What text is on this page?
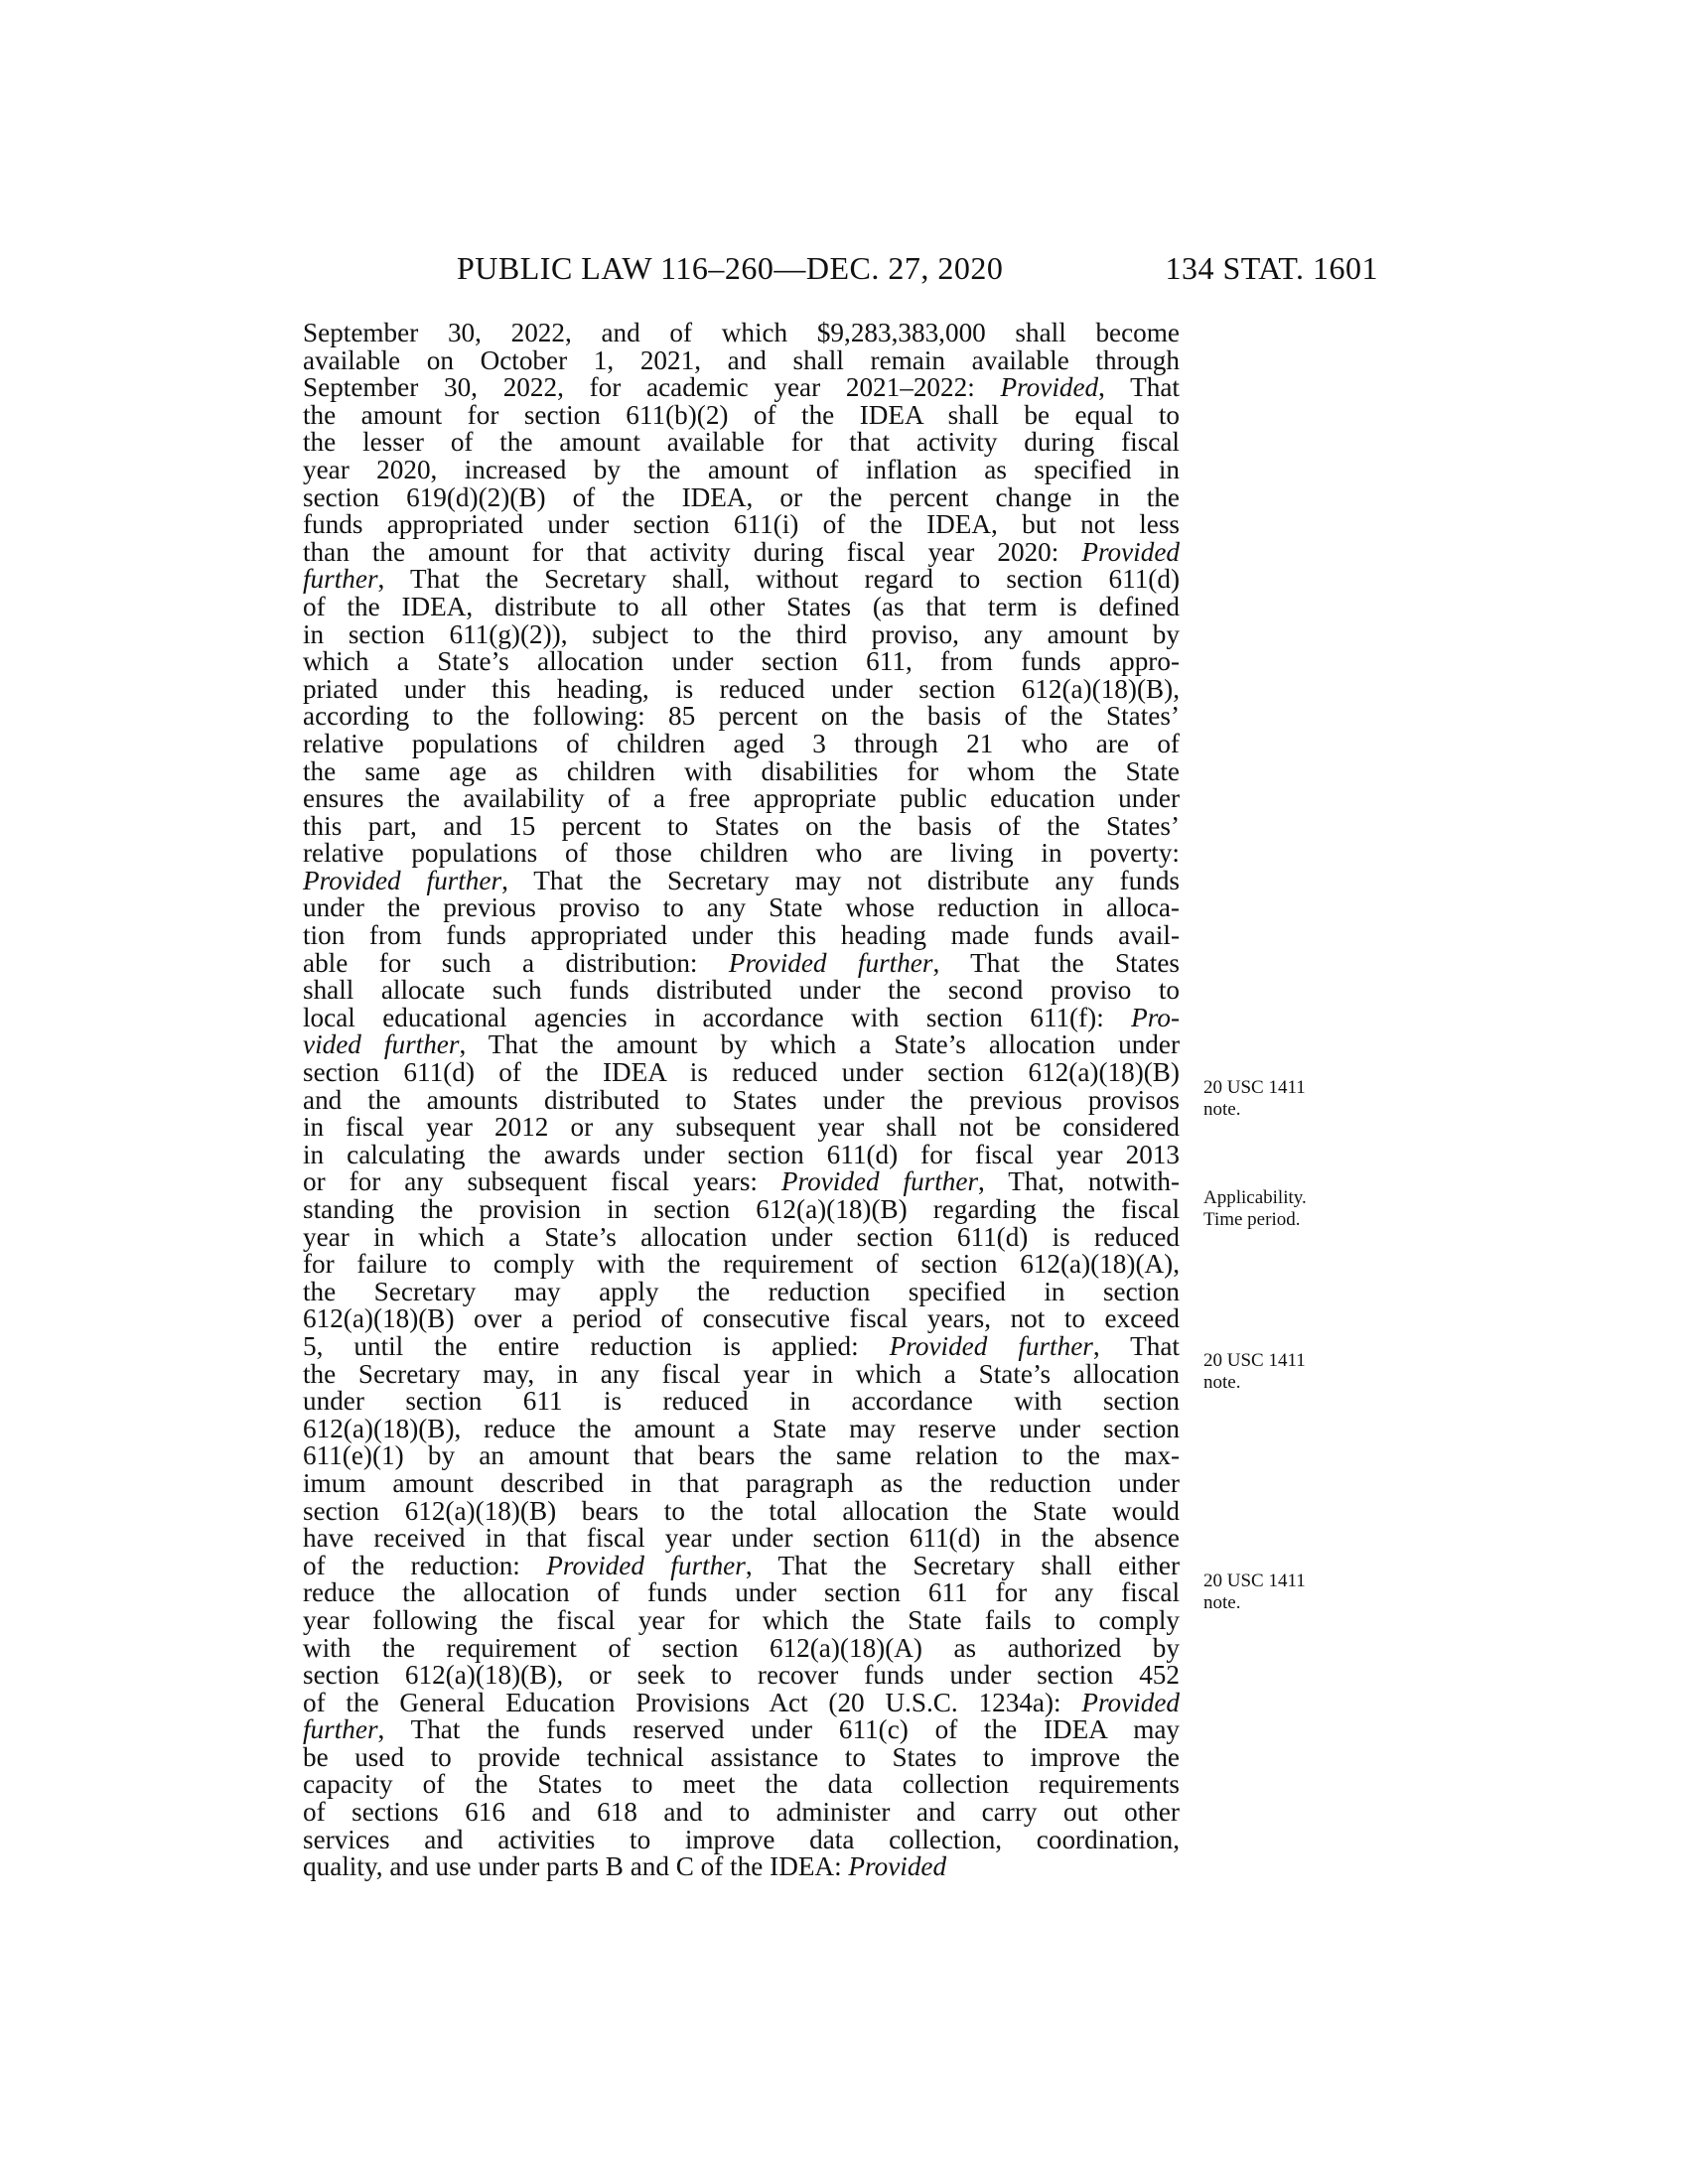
PUBLIC LAW 116–260—DEC. 27, 2020	134 STAT. 1601
September 30, 2022, and of which $9,283,383,000 shall become
available on October 1, 2021, and shall remain available through
September 30, 2022, for academic year 2021–2022: Provided, That
the amount for section 611(b)(2) of the IDEA shall be equal to
the lesser of the amount available for that activity during fiscal
year 2020, increased by the amount of inflation as specified in
section 619(d)(2)(B) of the IDEA, or the percent change in the
funds appropriated under section 611(i) of the IDEA, but not less
than the amount for that activity during fiscal year 2020: Provided
further, That the Secretary shall, without regard to section 611(d)
of the IDEA, distribute to all other States (as that term is defined
in section 611(g)(2)), subject to the third proviso, any amount by
which a State’s allocation under section 611, from funds appro-
priated under this heading, is reduced under section 612(a)(18)(B),
according to the following: 85 percent on the basis of the States’
relative populations of children aged 3 through 21 who are of
the same age as children with disabilities for whom the State
ensures the availability of a free appropriate public education under
this part, and 15 percent to States on the basis of the States’
relative populations of those children who are living in poverty:
Provided further, That the Secretary may not distribute any funds
under the previous proviso to any State whose reduction in alloca-
tion from funds appropriated under this heading made funds avail-
able for such a distribution: Provided further, That the States
shall allocate such funds distributed under the second proviso to
local educational agencies in accordance with section 611(f): Pro-
vided further, That the amount by which a State’s allocation under
section 611(d) of the IDEA is reduced under section 612(a)(18)(B)
and the amounts distributed to States under the previous provisos
in fiscal year 2012 or any subsequent year shall not be considered
in calculating the awards under section 611(d) for fiscal year 2013
or for any subsequent fiscal years: Provided further, That, notwith-
standing the provision in section 612(a)(18)(B) regarding the fiscal
year in which a State’s allocation under section 611(d) is reduced
for failure to comply with the requirement of section 612(a)(18)(A),
the Secretary may apply the reduction specified in section
612(a)(18)(B) over a period of consecutive fiscal years, not to exceed
5, until the entire reduction is applied: Provided further, That
the Secretary may, in any fiscal year in which a State’s allocation
under section 611 is reduced in accordance with section
612(a)(18)(B), reduce the amount a State may reserve under section
611(e)(1) by an amount that bears the same relation to the max-
imum amount described in that paragraph as the reduction under
section 612(a)(18)(B) bears to the total allocation the State would
have received in that fiscal year under section 611(d) in the absence
of the reduction: Provided further, That the Secretary shall either
reduce the allocation of funds under section 611 for any fiscal
year following the fiscal year for which the State fails to comply
with the requirement of section 612(a)(18)(A) as authorized by
section 612(a)(18)(B), or seek to recover funds under section 452
of the General Education Provisions Act (20 U.S.C. 1234a): Provided
further, That the funds reserved under 611(c) of the IDEA may
be used to provide technical assistance to States to improve the
capacity of the States to meet the data collection requirements
of sections 616 and 618 and to administer and carry out other
services and activities to improve data collection, coordination,
quality, and use under parts B and C of the IDEA: Provided
20 USC 1411
note.
Applicability.
Time period.
20 USC 1411
note.
20 USC 1411
note.
